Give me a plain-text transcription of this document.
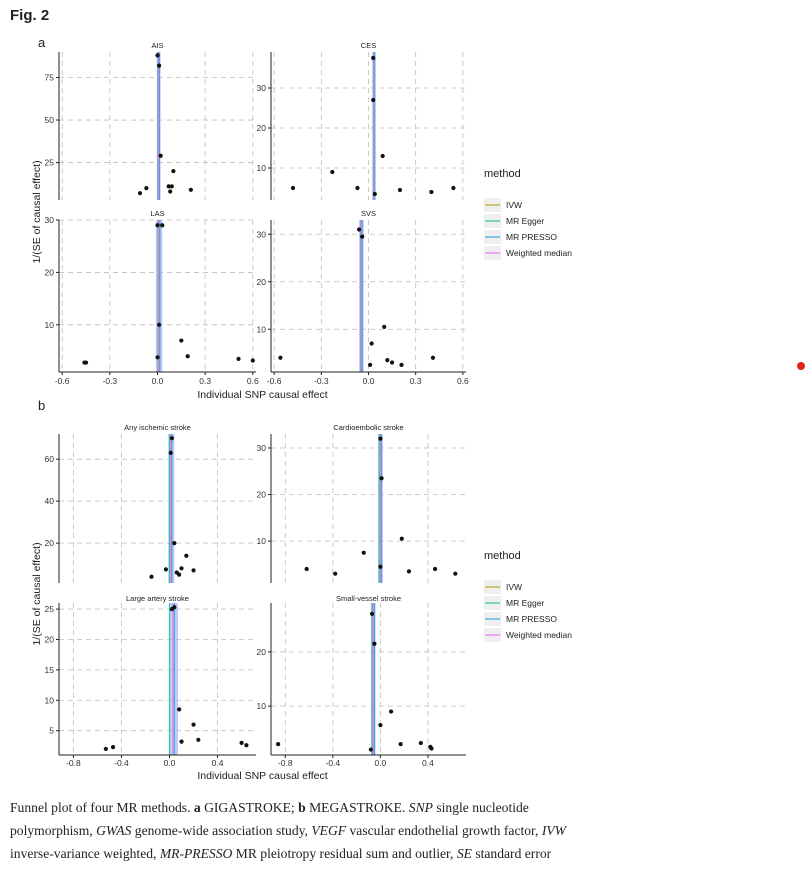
Fig. 2
a
25
50
75
AIS
10
20
30
CES
10
20
30
LAS
-0.6	-0.3	0.0	0.3	0.6
10
20
30
SVS
-0.6	-0.3	0.0	0.3	0.6
Individual SNP causal effect
1/(SE of causal effect)	method
IVW
MR Egger
MR PRESSO
Weighted median
b
20
40
60
Any ischemic stroke
10
20
30
Cardioembolic stroke
5
10
15
20
25
Large artery stroke
-0.8	-0.4	0.0	0.4
10
20
Small-vessel stroke
-0.8	-0.4	0.0	0.4
Individual SNP causal effect
1/(SE of causal effect)	method
IVW
MR Egger
MR PRESSO
Weighted median
Funnel plot of four MR methods. a GIGASTROKE; b MEGASTROKE. SNP single nucleotide polymorphism, GWAS genome-wide association study, VEGF vascular endothelial growth factor, IVW inverse-variance weighted, MR-PRESSO MR pleiotropy residual sum and outlier, SE standard error
